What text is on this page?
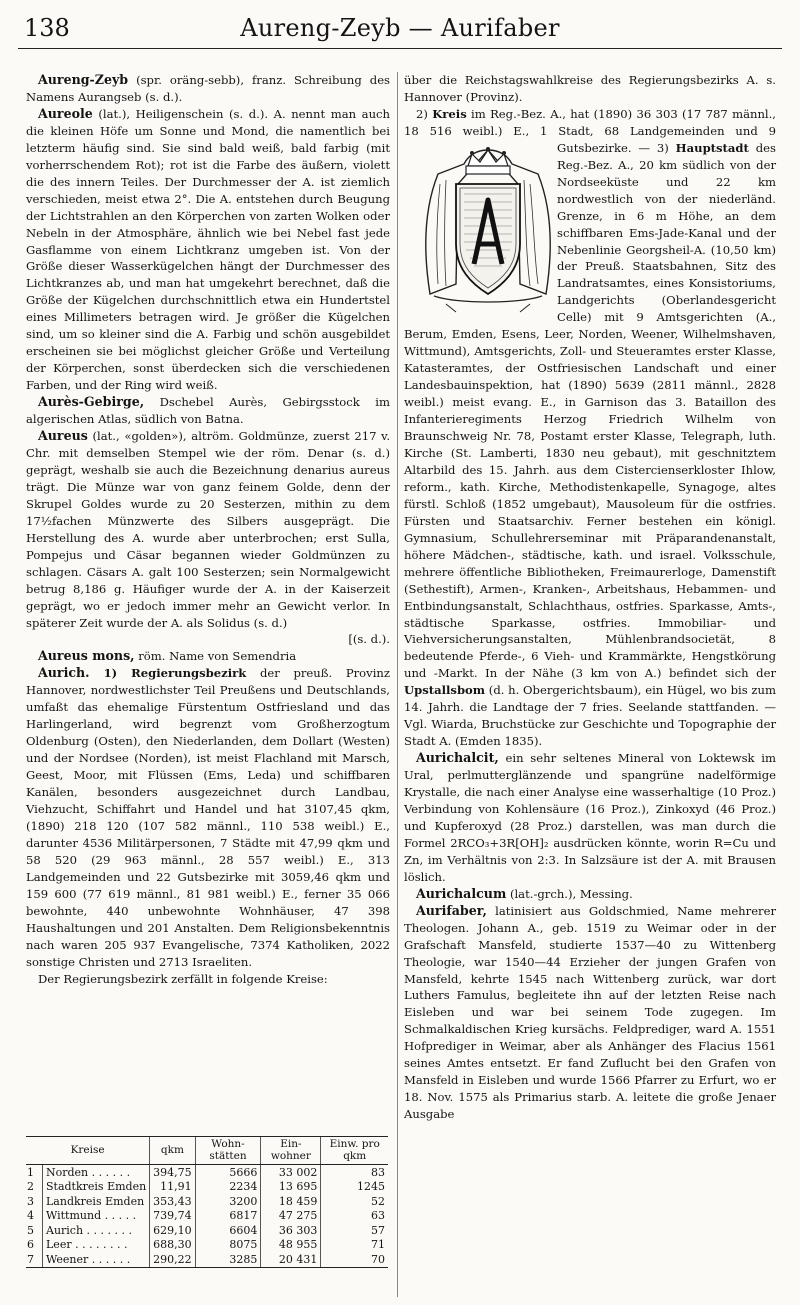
138	Aureng-Zeyb — Aurifaber

Aureng-Zeyb (spr. oräng-sebb), franz. Schreibung des Namens Aurangseb (s. d.).

Aureole (lat.), Heiligenschein (s. d.). A. nennt man auch die kleinen Höfe um Sonne und Mond, die namentlich bei letzterm häufig sind. Sie sind bald weiß, bald farbig (mit vorherrschendem Rot); rot ist die Farbe des äußern, violett die des innern Teiles. Der Durchmesser der A. ist ziemlich verschieden, meist etwa 2°. Die A. entstehen durch Beugung der Lichtstrahlen an den Körperchen von zarten Wolken oder Nebeln in der Atmosphäre, ähnlich wie bei Nebel fast jede Gasflamme von einem Lichtkranz umgeben ist. Von der Größe dieser Wasserkügelchen hängt der Durchmesser des Lichtkranzes ab, und man hat umgekehrt berechnet, daß die Größe der Kügelchen durchschnittlich etwa ein Hundertstel eines Millimeters betragen wird. Je größer die Kügelchen sind, um so kleiner sind die A. Farbig und schön ausgebildet erscheinen sie bei möglichst gleicher Größe und Verteilung der Körperchen, sonst überdecken sich die verschiedenen Farben, und der Ring wird weiß.

Aurès-Gebirge, Dschebel Aurès, Gebirgsstock im algerischen Atlas, südlich von Batna.

Aureus (lat., «golden»), altröm. Goldmünze, zuerst 217 v. Chr. mit demselben Stempel wie der röm. Denar (s. d.) geprägt, weshalb sie auch die Bezeichnung denarius aureus trägt. Die Münze war von ganz feinem Golde, denn der Skrupel Goldes wurde zu 20 Sesterzen, mithin zu dem 17½fachen Münzwerte des Silbers ausgeprägt. Die Herstellung des A. wurde aber unterbrochen; erst Sulla, Pompejus und Cäsar begannen wieder Goldmünzen zu schlagen. Cäsars A. galt 100 Sesterzen; sein Normalgewicht betrug 8,186 g. Häufiger wurde der A. in der Kaiserzeit geprägt, wo er jedoch immer mehr an Gewicht verlor. In späterer Zeit wurde der A. als Solidus (s. d.)

[(s. d.).

Aureus mons, röm. Name von Semendria

Aurich. 1) Regierungsbezirk der preuß. Provinz Hannover, nordwestlichster Teil Preußens und Deutschlands, umfaßt das ehemalige Fürstentum Ostfriesland und das Harlingerland, wird begrenzt vom Großherzogtum Oldenburg (Osten), den Niederlanden, dem Dollart (Westen) und der Nordsee (Norden), ist meist Flachland mit Marsch, Geest, Moor, mit Flüssen (Ems, Leda) und schiffbaren Kanälen, besonders ausgezeichnet durch Landbau, Viehzucht, Schiffahrt und Handel und hat 3107,45 qkm, (1890) 218 120 (107 582 männl., 110 538 weibl.) E., darunter 4536 Militärpersonen, 7 Städte mit 47,99 qkm und 58 520 (29 963 männl., 28 557 weibl.) E., 313 Landgemeinden und 22 Gutsbezirke mit 3059,46 qkm und 159 600 (77 619 männl., 81 981 weibl.) E., ferner 35 066 bewohnte, 440 unbewohnte Wohnhäuser, 47 398 Haushaltungen und 201 Anstalten. Dem Religionsbekenntnis nach waren 205 937 Evangelische, 7374 Katholiken, 2022 sonstige Christen und 2713 Israeliten.

Der Regierungsbezirk zerfällt in folgende Kreise:

Kreise		qkm	Wohn-stätten	Ein-wohner	Einw. pro qkm
1	Norden . . . . . .	394,75	5666	33 002	83
2	Stadtkreis Emden	11,91	2234	13 695	1245
3	Landkreis Emden	353,43	3200	18 459	52
4	Wittmund . . . . .	739,74	6817	47 275	63
5	Aurich . . . . . . .	629,10	6604	36 303	57
6	Leer . . . . . . . .	688,30	8075	48 955	71
7	Weener . . . . . .	290,22	3285	20 431	70

über die Reichstagswahlkreise des Regierungsbezirks A. s. Hannover (Provinz).

2) Kreis im Reg.-Bez. A., hat (1890) 36 303 (17 787 männl., 18 516 weibl.) E., 1 Stadt, 68 Landgemeinden und 9 Gutsbezirke. — 3) Hauptstadt
des Reg.-Bez. A., 20 km südlich von der Nordseeküste und 22 km nordwestlich von der niederländ. Grenze, in 6 m Höhe, an dem schiffbaren Ems-Jade-Kanal und der Nebenlinie Georgsheil-A. (10,50 km) der Preuß. Staatsbahnen, Sitz des Landratsamtes, eines Konsistoriums, Landgerichts (Oberlandesgericht Celle) mit 9 Amtsgerichten (A., Berum, Emden, Esens, Leer, Norden, Weener, Wilhelmshaven, Wittmund), Amtsgerichts, Zoll- und Steueramtes erster Klasse, Katasteramtes, der Ostfriesischen Landschaft und einer Landesbauinspektion, hat (1890) 5639 (2811 männl., 2828 weibl.) meist evang. E., in Garnison das 3. Bataillon des Infanterieregiments Herzog Friedrich Wilhelm von Braunschweig Nr. 78, Postamt erster Klasse, Telegraph, luth. Kirche (St. Lamberti, 1830 neu gebaut), mit geschnitztem Altarbild des 15. Jahrh. aus dem Cistercienserkloster Ihlow, reform., kath. Kirche, Methodistenkapelle, Synagoge, altes fürstl. Schloß (1852 umgebaut), Mausoleum für die ostfries. Fürsten und Staatsarchiv. Ferner bestehen ein königl. Gymnasium, Schullehrerseminar mit Präparandenanstalt, höhere Mädchen-, städtische, kath. und israel. Volksschule, mehrere öffentliche Bibliotheken, Freimaurerloge, Damenstift (Sethestift), Armen-, Kranken-, Arbeitshaus, Hebammen- und Entbindungsanstalt, Schlachthaus, ostfries. Sparkasse, Amts-, städtische Sparkasse, ostfries. Immobiliar- und Viehversicherungsanstalten, Mühlenbrandsocietät, 8 bedeutende Pferde-, 6 Vieh- und Krammärkte, Hengstkörung und -Markt. In der Nähe (3 km von A.) befindet sich der Upstallsbom (d. h. Obergerichtsbaum), ein Hügel, wo bis zum 14. Jahrh. die Landtage der 7 fries. Seelande stattfanden. — Vgl. Wiarda, Bruchstücke zur Geschichte und Topographie der Stadt A. (Emden 1835).

Aurichalcit, ein sehr seltenes Mineral von Loktewsk im Ural, perlmutterglänzende und spangrüne nadelförmige Krystalle, die nach einer Analyse eine wasserhaltige (10 Proz.) Verbindung von Kohlensäure (16 Proz.), Zinkoxyd (46 Proz.) und Kupferoxyd (28 Proz.) darstellen, was man durch die Formel 2RCO₃+3R[OH]₂ ausdrücken könnte, worin R=Cu und Zn, im Verhältnis von 2:3. In Salzsäure ist der A. mit Brausen löslich.

Aurichalcum (lat.-grch.), Messing.

Aurifaber, latinisiert aus Goldschmied, Name mehrerer Theologen. Johann A., geb. 1519 zu Weimar oder in der Grafschaft Mansfeld, studierte 1537—40 zu Wittenberg Theologie, war 1540—44 Erzieher der jungen Grafen von Mansfeld, kehrte 1545 nach Wittenberg zurück, war dort Luthers Famulus, begleitete ihn auf der letzten Reise nach Eisleben und war bei seinem Tode zugegen. Im Schmalkaldischen Krieg kursächs. Feldprediger, ward A. 1551 Hofprediger in Weimar, aber als Anhänger des Flacius 1561 seines Amtes entsetzt. Er fand Zuflucht bei den Grafen von Mansfeld in Eisleben und wurde 1566 Pfarrer zu Erfurt, wo er 18. Nov. 1575 als Primarius starb. A. leitete die große Jenaer Ausgabe
